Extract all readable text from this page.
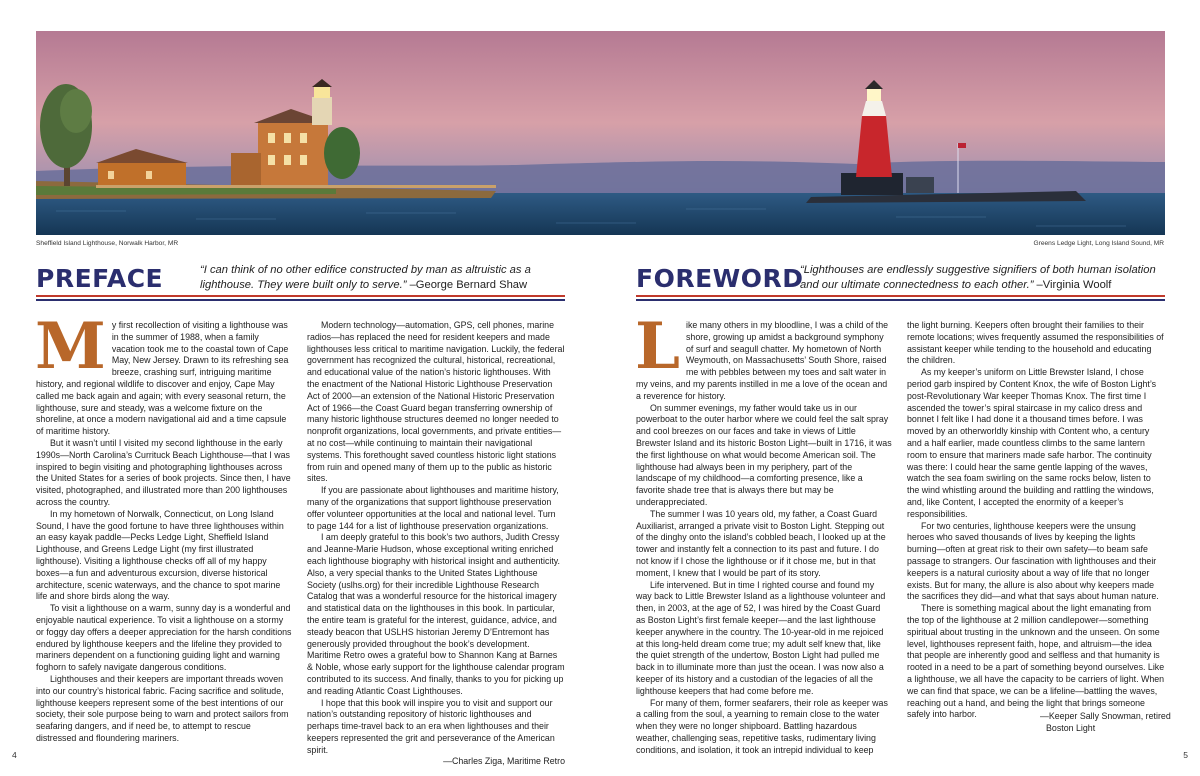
Sheffield Island Lighthouse, Norwalk Harbor, MR	Greens Ledge Light, Long Island Sound, MR
PREFACE	“I can think of no other edifice constructed by man as altruistic as a lighthouse. They were built only to serve.” –George Bernard Shaw	FOREWORD
“Lighthouses are endlessly suggestive signifiers of both human isolation and our ultimate connectedness to each other.” –Virginia Woolf
M y first recollection of visiting a lighthouse was in the summer of 1988, when a family vacation took me to the coastal town of Cape May, New Jersey. Drawn to its refreshing sea breeze, crashing surf, intriguing maritime history, and regional wildlife to discover and enjoy, Cape May called me back again and again; with every seasonal return, the lighthouse, sure and steady, was a welcome fixture on the shoreline, at once a modern navigational aid and a time capsule of maritime history.

But it wasn’t until I visited my second lighthouse in the early 1990s—North Carolina’s Currituck Beach Lighthouse—that I was inspired to begin visiting and photographing lighthouses across the United States for a series of book projects. Since then, I have visited, photographed, and illustrated more than 200 lighthouses across the country.

In my hometown of Norwalk, Connecticut, on Long Island Sound, I have the good fortune to have three lighthouses within an easy kayak paddle—Pecks Ledge Light, Sheffield Island Lighthouse, and Greens Ledge Light (my first illustrated lighthouse). Visiting a lighthouse checks off all of my happy boxes—a fun and adventurous excursion, diverse historical architecture, scenic waterways, and the chance to spot marine life and shore birds along the way.

To visit a lighthouse on a warm, sunny day is a wonderful and enjoyable nautical experience. To visit a lighthouse on a stormy or foggy day offers a deeper appreciation for the harsh conditions endured by lighthouse keepers and the lifeline they provided to mariners dependent on a functioning guiding light and warning foghorn to safely navigate dangerous conditions.

Lighthouses and their keepers are important threads woven into our country’s historical fabric. Facing sacrifice and solitude, lighthouse keepers represent some of the best intentions of our society, their sole purpose being to warn and protect sailors from seafaring dangers, and if need be, to attempt to rescue distressed and floundering mariners.

Modern technology—automation, GPS, cell phones, marine radios—has replaced the need for resident keepers and made lighthouses less critical to maritime navigation. Luckily, the federal government has recognized the cultural, historical, recreational, and educational value of the nation’s historic lighthouses. With the enactment of the National Historic Lighthouse Preservation Act of 2000—an extension of the National Historic Preservation Act of 1966—the Coast Guard began transferring ownership of many historic lighthouse structures deemed no longer needed to nonprofit organizations, local governments, and private entities—at no cost—while continuing to maintain their navigational systems. This forethought saved countless historic light stations from ruin and opened many of them up to the public as historic sites.

If you are passionate about lighthouses and maritime history, many of the organizations that support lighthouse preservation offer volunteer opportunities at the local and national level. Turn to page 144 for a list of lighthouse preservation organizations.

I am deeply grateful to this book’s two authors, Judith Cressy and Jeanne-Marie Hudson, whose exceptional writing enriched each lighthouse biography with historical insight and authenticity. Also, a very special thanks to the United States Lighthouse Society (uslhs.org) for their incredible Lighthouse Research Catalog that was a wonderful resource for the historical imagery and statistical data on the lighthouses in this book. In particular, the entire team is grateful for the interest, guidance, advice, and steady beacon that USLHS historian Jeremy D’Entremont has generously provided throughout the book’s development. Maritime Retro owes a grateful bow to Shannon Kang at Barnes & Noble, whose early support for the lighthouse calendar program contributed to its success. And finally, thanks to you for picking up and reading Atlantic Coast Lighthouses.

I hope that this book will inspire you to visit and support our nation’s outstanding repository of historic lighthouses and perhaps time-travel back to an era when lighthouses and their keepers represented the grit and perseverance of the American spirit.

—Charles Ziga, Maritime Retro

L ike many others in my bloodline, I was a child of the shore, growing up amidst a background symphony of surf and seagull chatter. My hometown of North Weymouth, on Massachusetts’ South Shore, raised me with pebbles between my toes and salt water in my veins, and my parents instilled in me a love of the ocean and a reverence for history.

On summer evenings, my father would take us in our powerboat to the outer harbor where we could feel the salt spray and cool breezes on our faces and take in views of Little Brewster Island and its historic Boston Light—built in 1716, it was the first lighthouse on what would become American soil. The lighthouse had always been in my periphery, part of the landscape of my childhood—a comforting presence, like a favorite shade tree that is always there but may be underappreciated.

The summer I was 10 years old, my father, a Coast Guard Auxiliarist, arranged a private visit to Boston Light. Stepping out of the dinghy onto the island’s cobbled beach, I looked up at the tower and instantly felt a connection to its past and future. I do not know if I chose the lighthouse or if it chose me, but in that moment, I knew that I would be part of its story.

Life intervened. But in time I righted course and found my way back to Little Brewster Island as a lighthouse volunteer and then, in 2003, at the age of 52, I was hired by the Coast Guard as Boston Light’s first female keeper—and the last lighthouse keeper anywhere in the country. The 10-year-old in me rejoiced at this long-held dream come true; my adult self knew that, like the quiet strength of the undertow, Boston Light had pulled me back in to illuminate more than just the ocean. I was now also a keeper of its history and a custodian of the legacies of all the lighthouse keepers that had come before me.

For many of them, former seafarers, their role as keeper was a calling from the soul, a yearning to remain close to the water when they were no longer shipboard. Battling hazardous weather, challenging seas, repetitive tasks, rudimentary living conditions, and isolation, it took an intrepid individual to keep

the light burning. Keepers often brought their families to their remote locations; wives frequently assumed the responsibilities of assistant keeper while tending to the household and educating the children.

As my keeper’s uniform on Little Brewster Island, I chose period garb inspired by Content Knox, the wife of Boston Light’s post-Revolutionary War keeper Thomas Knox. The first time I ascended the tower’s spiral staircase in my calico dress and bonnet I felt like I had done it a thousand times before. I was moved by an otherworldly kinship with Content who, a century and a half earlier, made countless climbs to the same lantern room to ensure that mariners made safe harbor. The continuity was there: I could hear the same gentle lapping of the waves, watch the sea foam swirling on the same rocks below, listen to the wind whistling around the building and rattling the windows, and, like Content, I accepted the enormity of a keeper’s responsibilities.

For two centuries, lighthouse keepers were the unsung heroes who saved thousands of lives by keeping the lights burning—often at great risk to their own safety—to beam safe passage to strangers. Our fascination with lighthouses and their keepers is a natural curiosity about a way of life that no longer exists. But for many, the allure is also about why keepers made the sacrifices they did—and what that says about human nature.

There is something magical about the light emanating from the top of the lighthouse at 2 million candlepower—something spiritual about trusting in the unknown and the unseen. On some level, lighthouses represent faith, hope, and altruism—the idea that people are inherently good and selfless and that humanity is rooted in a need to be a part of something beyond ourselves. Like a lighthouse, we all have the capacity to be carriers of light. When we can find that space, we can be a lifeline—battling the waves, reaching out a hand, and being the light that brings someone safely into harbor.	—Keeper Sally Snowman, retired
Boston Light
4	5
